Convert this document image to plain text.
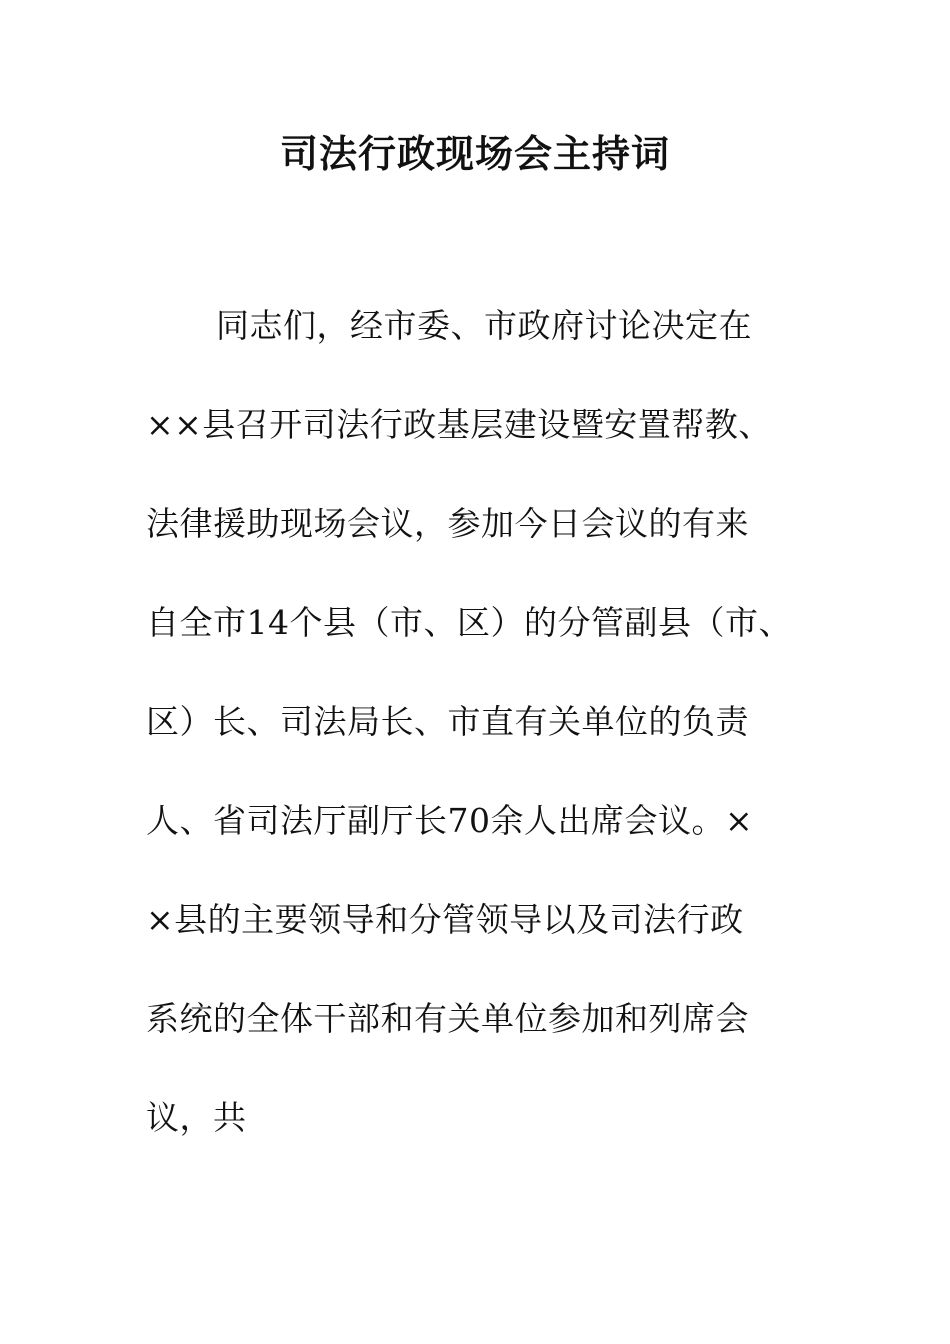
司法行政现场会主持词
同志们，经市委、市政府讨论决定在
××县召开司法行政基层建设暨安置帮教、
法律援助现场会议，参加今日会议的有来
自全市14个县（市、区）的分管副县（市、
区）长、司法局长、市直有关单位的负责
人、省司法厅副厅长70余人出席会议。×
×县的主要领导和分管领导以及司法行政
系统的全体干部和有关单位参加和列席会
议，共
